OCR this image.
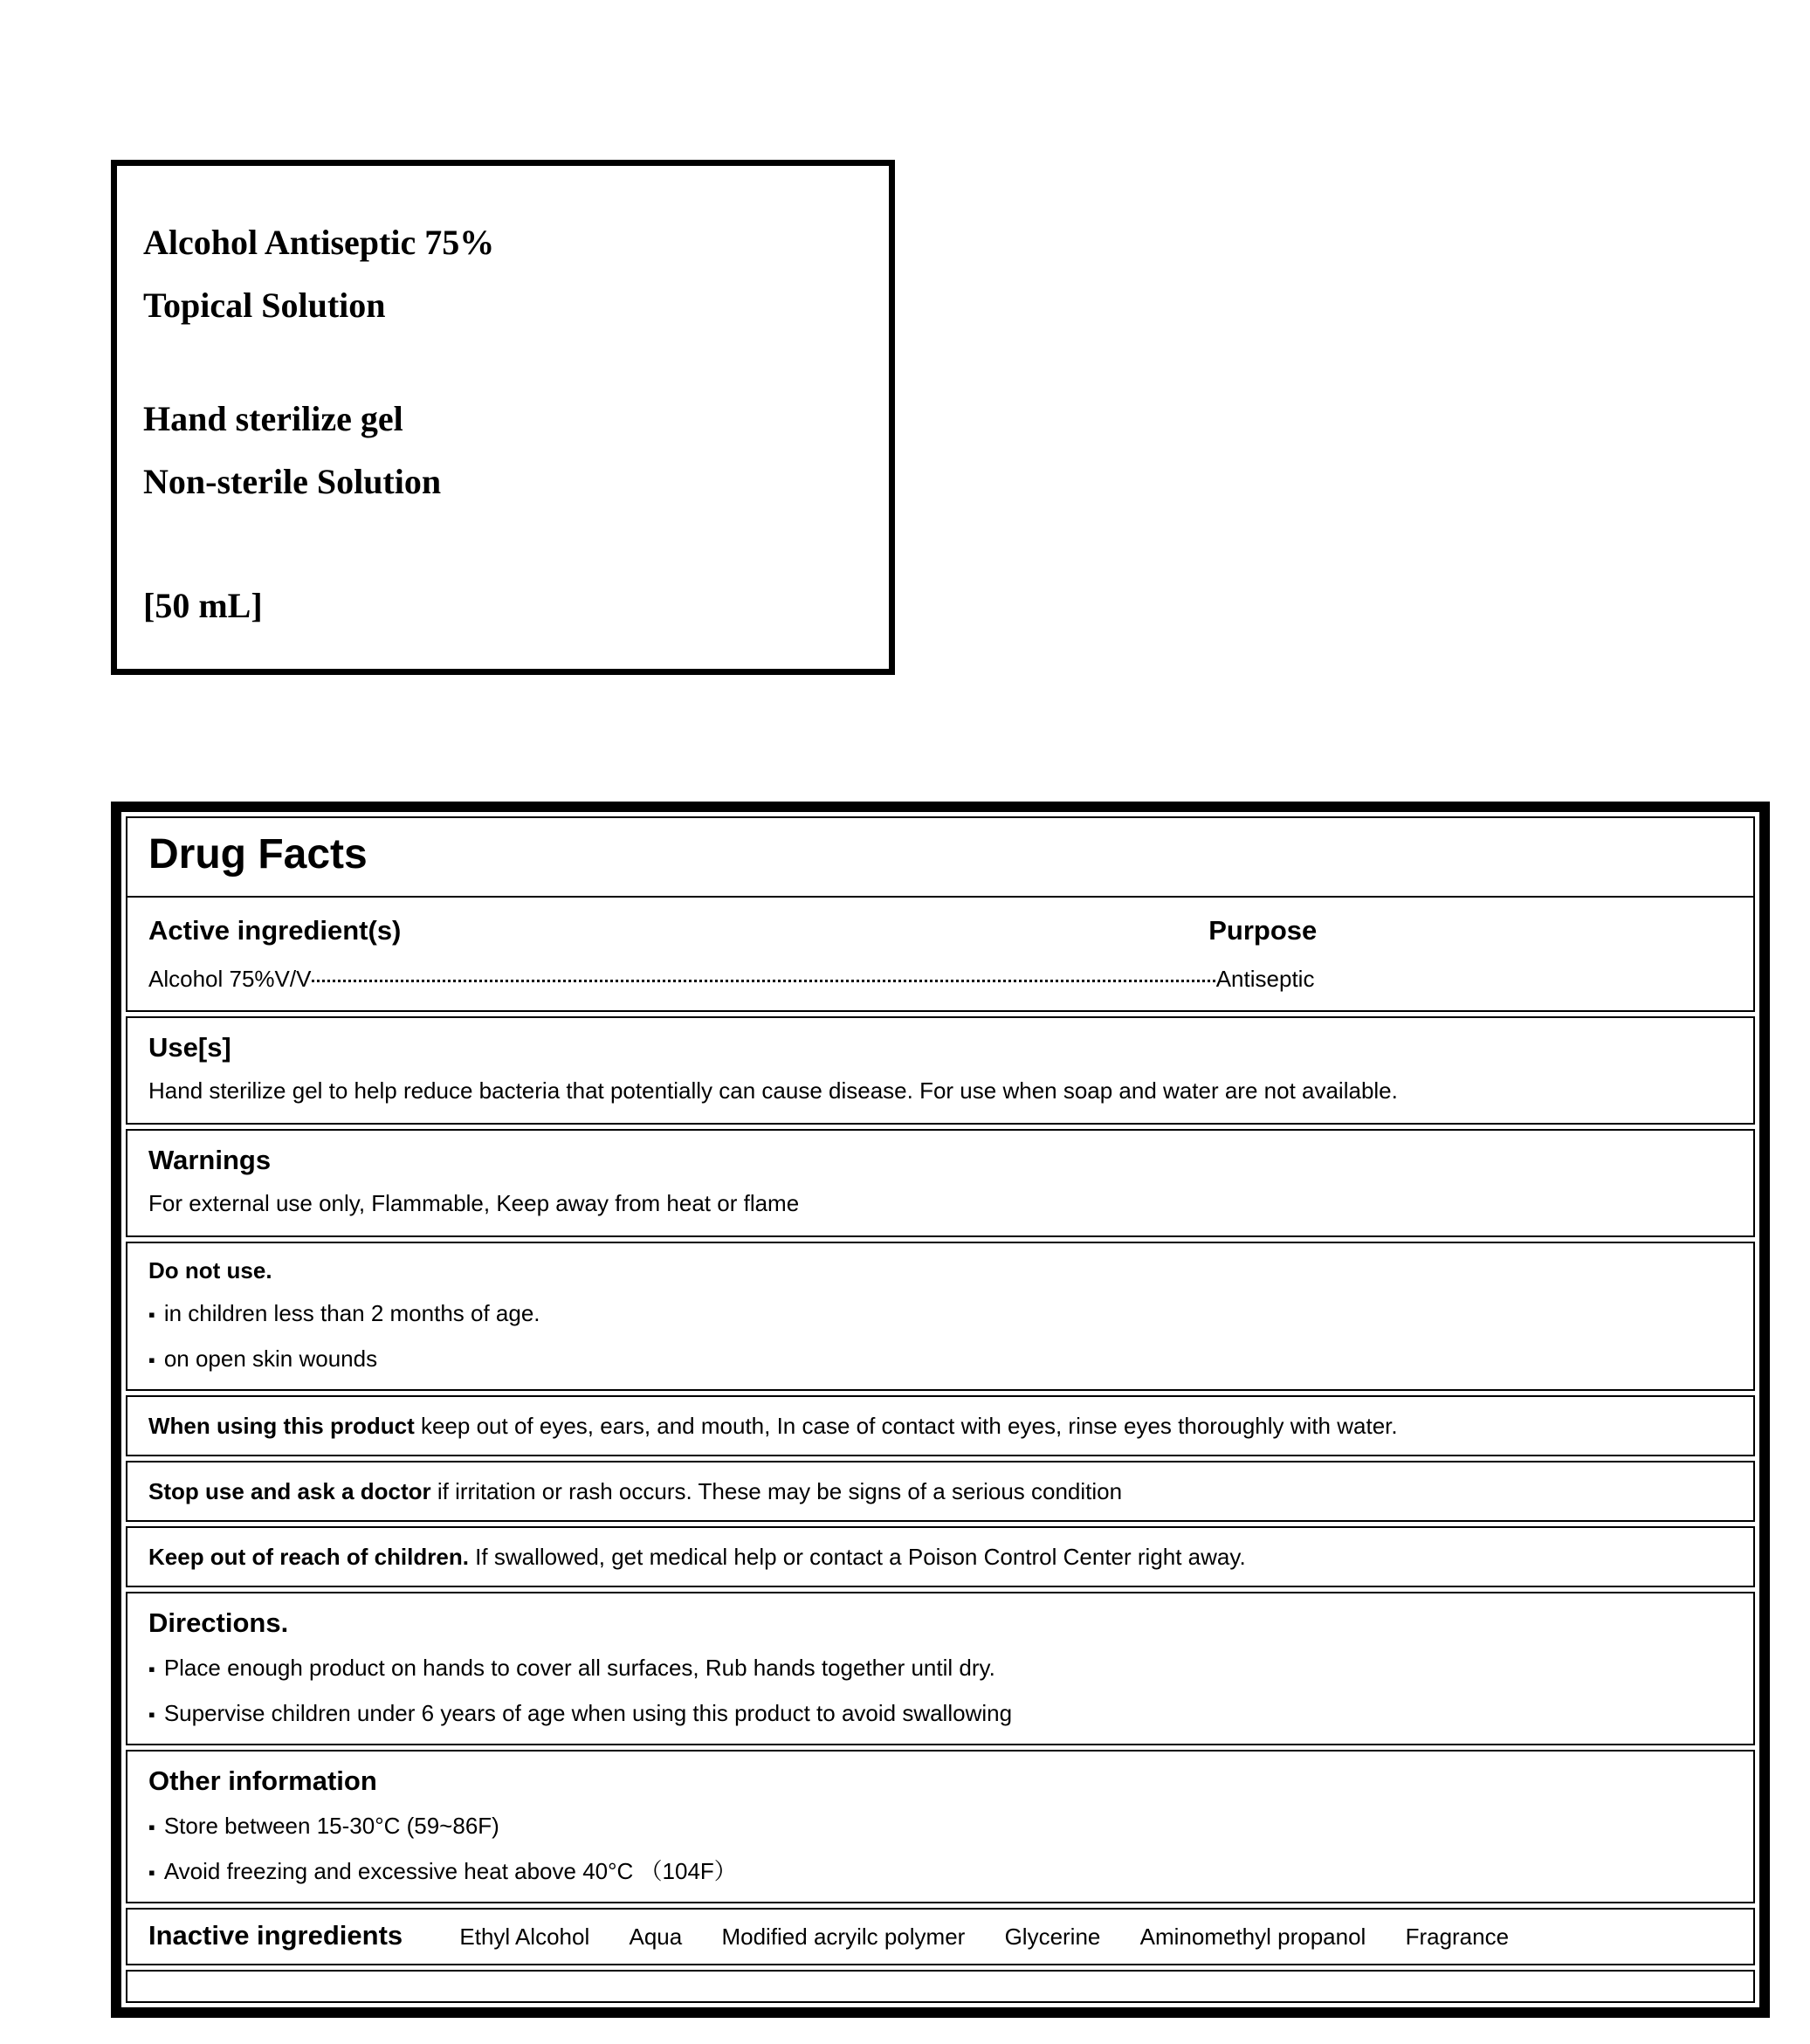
Alcohol Antiseptic 75%
Topical Solution
Hand sterilize gel
Non-sterile Solution
[50 mL]
Drug Facts
Active ingredient(s)	Purpose
Alcohol 75%V/V	Antiseptic
Use[s]

Hand sterilize gel to help reduce bacteria that potentially can cause disease. For use when soap and water are not available.

Warnings

For external use only, Flammable, Keep away from heat or flame

Do not use.

▪ in children less than 2 months of age.

▪ on open skin wounds

When using this product keep out of eyes, ears, and mouth, In case of contact with eyes, rinse eyes thoroughly with water.

Stop use and ask a doctor if irritation or rash occurs. These may be signs of a serious condition

Keep out of reach of children. If swallowed, get medical help or contact a Poison Control Center right away.

Directions.

▪ Place enough product on hands to cover all surfaces, Rub hands together until dry.

▪ Supervise children under 6 years of age when using this product to avoid swallowing

Other information

▪ Store between 15-30°C (59~86F)

▪ Avoid freezing and excessive heat above 40°C （104F）

Inactive ingredients	Ethyl Alcohol Aqua Modified acryilc polymer Glycerine Aminomethyl propanol Fragrance
